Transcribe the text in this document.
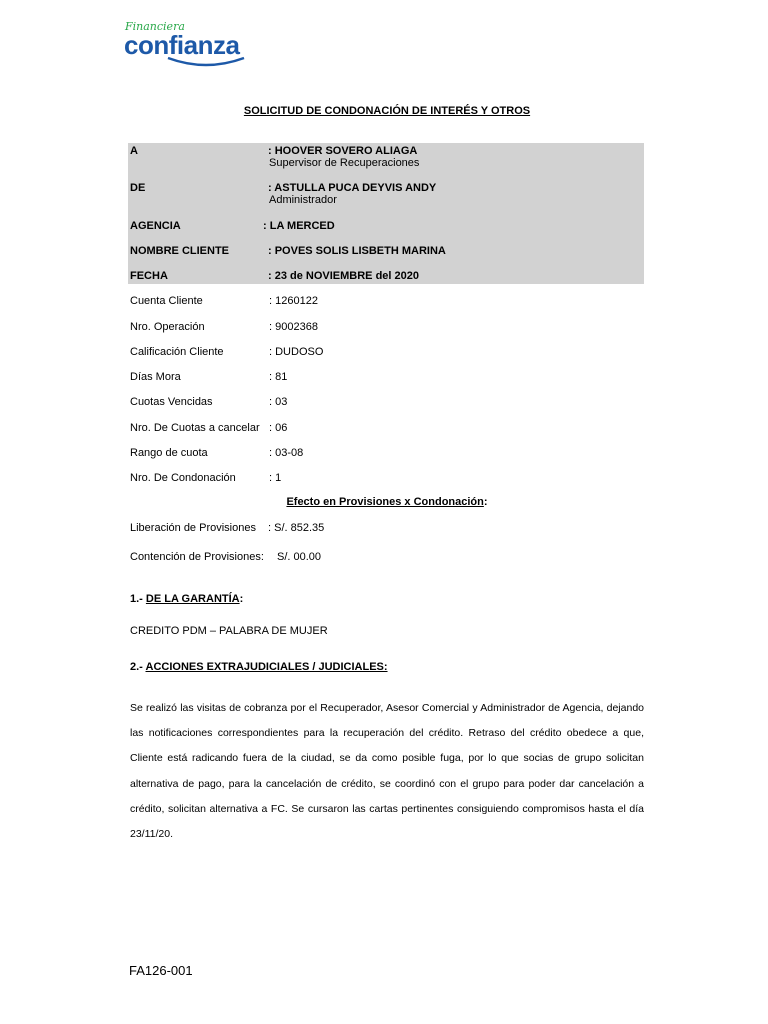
Financiera
confianza
SOLICITUD DE CONDONACIÓN DE INTERÉS Y OTROS
A	: HOOVER SOVERO ALIAGA
Supervisor de Recuperaciones
DE	: ASTULLA PUCA DEYVIS ANDY
Administrador
AGENCIA	: LA MERCED
NOMBRE CLIENTE	: POVES SOLIS LISBETH MARINA
FECHA	: 23 de NOVIEMBRE del 2020
Cuenta Cliente	: 1260122
Nro. Operación	: 9002368
Calificación Cliente	: DUDOSO
Días Mora	: 81
Cuotas Vencidas	: 03
Nro. De Cuotas a cancelar : 06
Rango de cuota	: 03-08
Nro. De Condonación	: 1
Efecto en Provisiones x Condonación:
Liberación de Provisiones : S/. 852.35
Contención de Provisiones: S/. 00.00
1.- DE LA GARANTÍA:
CREDITO PDM – PALABRA DE MUJER
2.- ACCIONES EXTRAJUDICIALES / JUDICIALES:

Se realizó las visitas de cobranza por el Recuperador, Asesor Comercial y Administrador de Agencia, dejando las notificaciones correspondientes para la recuperación del crédito. Retraso del crédito obedece a que, Cliente está radicando fuera de la ciudad, se da como posible fuga, por lo que socias de grupo solicitan alternativa de pago, para la cancelación de crédito, se coordinó con el grupo para poder dar cancelación a crédito, solicitan alternativa a FC. Se cursaron las cartas pertinentes consiguiendo compromisos hasta el día 23/11/20.

FA126-001
